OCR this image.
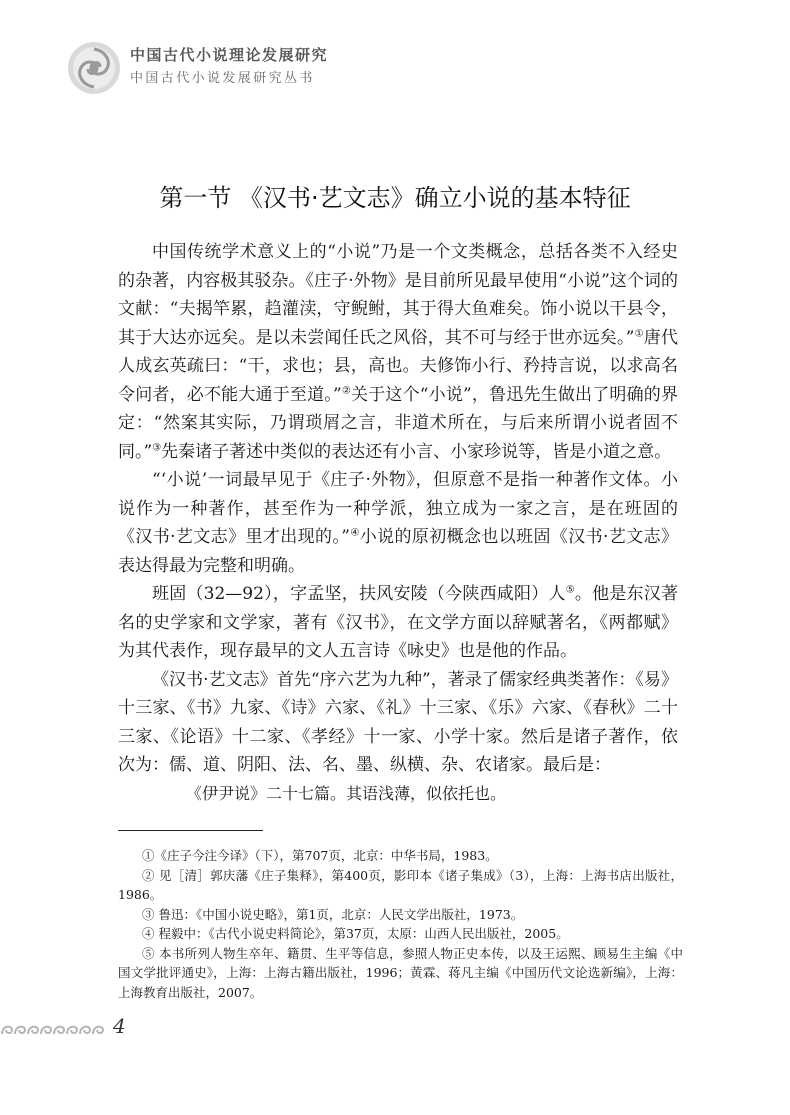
中国古代小说理论发展研究
中国古代小说发展研究丛书
第一节 《汉书·艺文志》确立小说的基本特征

中国传统学术意义上的“小说”乃是一个文类概念，总括各类不入经史的杂著，内容极其驳杂。《庄子·外物》是目前所见最早使用“小说”这个词的文献：“夫揭竿累，趋灌渎，守鲵鲋，其于得大鱼难矣。饰小说以干县令，其于大达亦远矣。是以未尝闻任氏之风俗，其不可与经于世亦远矣。”①唐代人成玄英疏曰：“干，求也；县，高也。夫修饰小行、矜持言说，以求高名令问者，必不能大通于至道。”②关于这个“小说”，鲁迅先生做出了明确的界定：“然案其实际，乃谓琐屑之言，非道术所在，与后来所谓小说者固不同。”③先秦诸子著述中类似的表达还有小言、小家珍说等，皆是小道之意。

“‘小说’一词最早见于《庄子·外物》，但原意不是指一种著作文体。小说作为一种著作，甚至作为一种学派，独立成为一家之言，是在班固的《汉书·艺文志》里才出现的。”④小说的原初概念也以班固《汉书·艺文志》表达得最为完整和明确。

班固（32—92），字孟坚，扶风安陵（今陕西咸阳）人⑤。他是东汉著名的史学家和文学家，著有《汉书》，在文学方面以辞赋著名，《两都赋》为其代表作，现存最早的文人五言诗《咏史》也是他的作品。

《汉书·艺文志》首先“序六艺为九种”，著录了儒家经典类著作：《易》十三家、《书》九家、《诗》六家、《礼》十三家、《乐》六家、《春秋》二十三家、《论语》十二家、《孝经》十一家、小学十家。然后是诸子著作，依次为：儒、道、阴阳、法、名、墨、纵横、杂、农诸家。最后是：

《伊尹说》二十七篇。其语浅薄，似依托也。

①《庄子今注今译》（下），第707页，北京：中华书局，1983。

② 见［清］郭庆藩《庄子集释》，第400页，影印本《诸子集成》（3），上海：上海书店出版社，1986。

③ 鲁迅：《中国小说史略》，第1页，北京：人民文学出版社，1973。

④ 程毅中：《古代小说史料简论》，第37页，太原：山西人民出版社，2005。

⑤ 本书所列人物生卒年、籍贯、生平等信息，参照人物正史本传，以及王运熙、顾易生主编《中国文学批评通史》，上海：上海古籍出版社，1996；黄霖、蒋凡主编《中国历代文论选新编》，上海：上海教育出版社，2007。

4
